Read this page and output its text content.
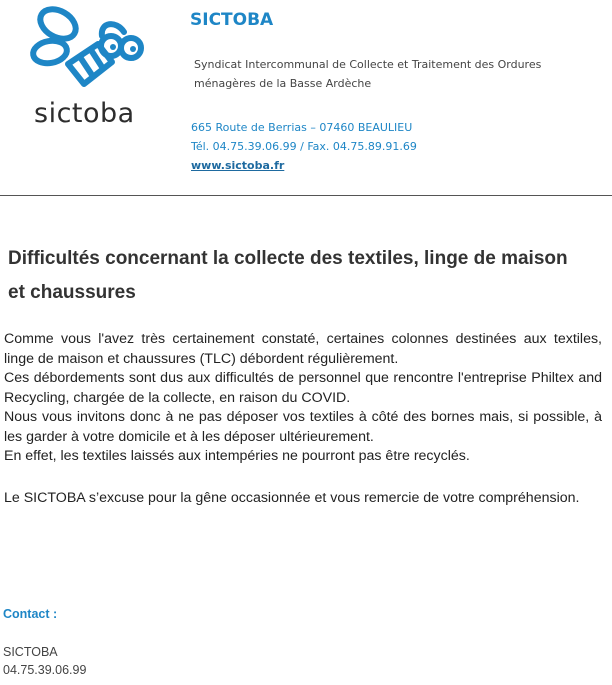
sictoba
SICTOBA
Syndicat Intercommunal de Collecte et Traitement des Ordures
ménagères de la Basse Ardèche
665 Route de Berrias – 07460 BEAULIEU
Tél. 04.75.39.06.99 / Fax. 04.75.89.91.69
www.sictoba.fr
Difficultés concernant la collecte des textiles, linge de maison et chaussures

Comme vous l'avez très certainement constaté, certaines colonnes destinées aux textiles, linge de maison et chaussures (TLC) débordent régulièrement.

Ces débordements sont dus aux difficultés de personnel que rencontre l'entreprise Philtex and Recycling, chargée de la collecte, en raison du COVID.

Nous vous invitons donc à ne pas déposer vos textiles à côté des bornes mais, si possible, à les garder à votre domicile et à les déposer ultérieurement.

En effet, les textiles laissés aux intempéries ne pourront pas être recyclés.

Le SICTOBA s’excuse pour la gêne occasionnée et vous remercie de votre compréhension.

Contact :
SICTOBA
04.75.39.06.99
